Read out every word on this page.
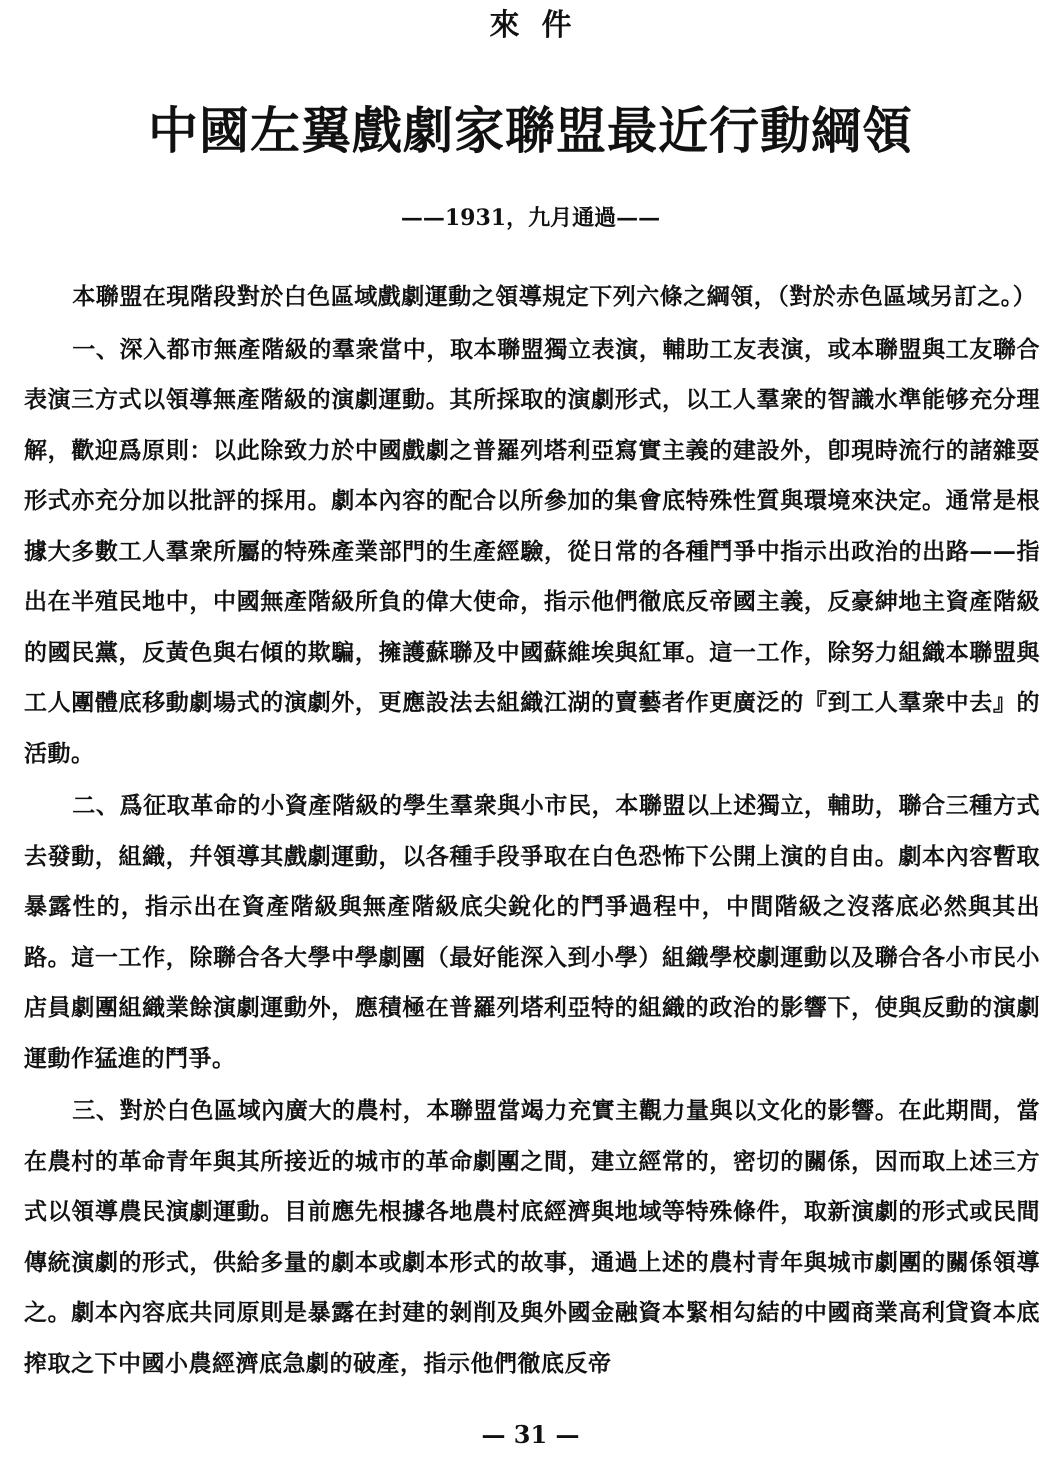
來件
中國左翼戲劇家聯盟最近行動綱領
——1931，九月通過——

本聯盟在現階段對於白色區域戲劇運動之領導規定下列六條之綱領，（對於赤色區域另訂之。）

一、深入都市無產階級的羣衆當中，取本聯盟獨立表演，輔助工友表演，或本聯盟與工友聯合表演三方式以領導無產階級的演劇運動。其所採取的演劇形式，以工人羣衆的智識水準能够充分理解，歡迎爲原則：以此除致力於中國戲劇之普羅列塔利亞寫實主義的建設外，卽現時流行的諸雜耍形式亦充分加以批評的採用。劇本內容的配合以所參加的集會底特殊性質與環境來決定。通常是根據大多數工人羣衆所屬的特殊產業部門的生產經驗，從日常的各種鬥爭中指示出政治的出路——指出在半殖民地中，中國無產階級所負的偉大使命，指示他們徹底反帝國主義，反豪紳地主資產階級的國民黨，反黃色與右傾的欺騙，擁護蘇聯及中國蘇維埃與紅軍。這一工作，除努力組織本聯盟與工人團體底移動劇場式的演劇外，更應設法去組織江湖的賣藝者作更廣泛的『到工人羣衆中去』的活動。

二、爲征取革命的小資產階級的學生羣衆與小市民，本聯盟以上述獨立，輔助，聯合三種方式去發動，組織，幷領導其戲劇運動，以各種手段爭取在白色恐怖下公開上演的自由。劇本內容暫取暴露性的，指示出在資產階級與無產階級底尖銳化的鬥爭過程中，中間階級之沒落底必然與其出路。這一工作，除聯合各大學中學劇團（最好能深入到小學）組織學校劇運動以及聯合各小市民小店員劇團組織業餘演劇運動外，應積極在普羅列塔利亞特的組織的政治的影響下，使與反動的演劇運動作猛進的鬥爭。

三、對於白色區域內廣大的農村，本聯盟當竭力充實主觀力量與以文化的影響。在此期間，當在農村的革命青年與其所接近的城市的革命劇團之間，建立經常的，密切的關係，因而取上述三方式以領導農民演劇運動。目前應先根據各地農村底經濟與地域等特殊條件，取新演劇的形式或民間傳統演劇的形式，供給多量的劇本或劇本形式的故事，通過上述的農村青年與城市劇團的關係領導之。劇本內容底共同原則是暴露在封建的剝削及與外國金融資本緊相勾結的中國商業高利貸資本底搾取之下中國小農經濟底急劇的破產，指示他們徹底反帝

— 31 —
